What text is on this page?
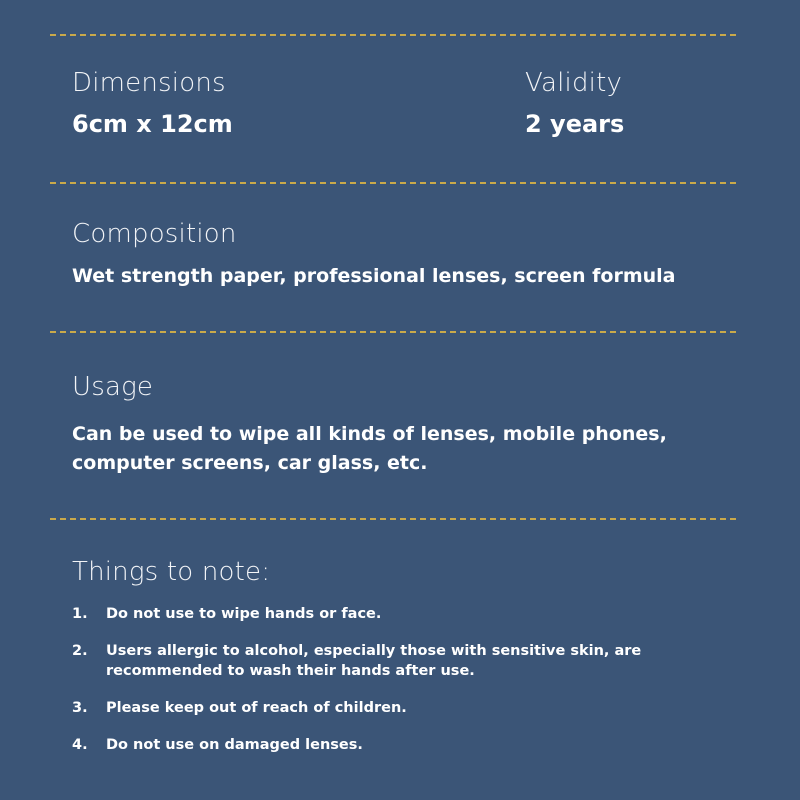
Dimensions
6cm x 12cm
Validity
2 years
Composition
Wet strength paper, professional lenses, screen formula
Usage
Can be used to wipe all kinds of lenses, mobile phones, computer screens, car glass, etc.
Things to note:
1. Do not use to wipe hands or face.
2. Users allergic to alcohol, especially those with sensitive skin, are recommended to wash their hands after use.
3. Please keep out of reach of children.
4. Do not use on damaged lenses.
